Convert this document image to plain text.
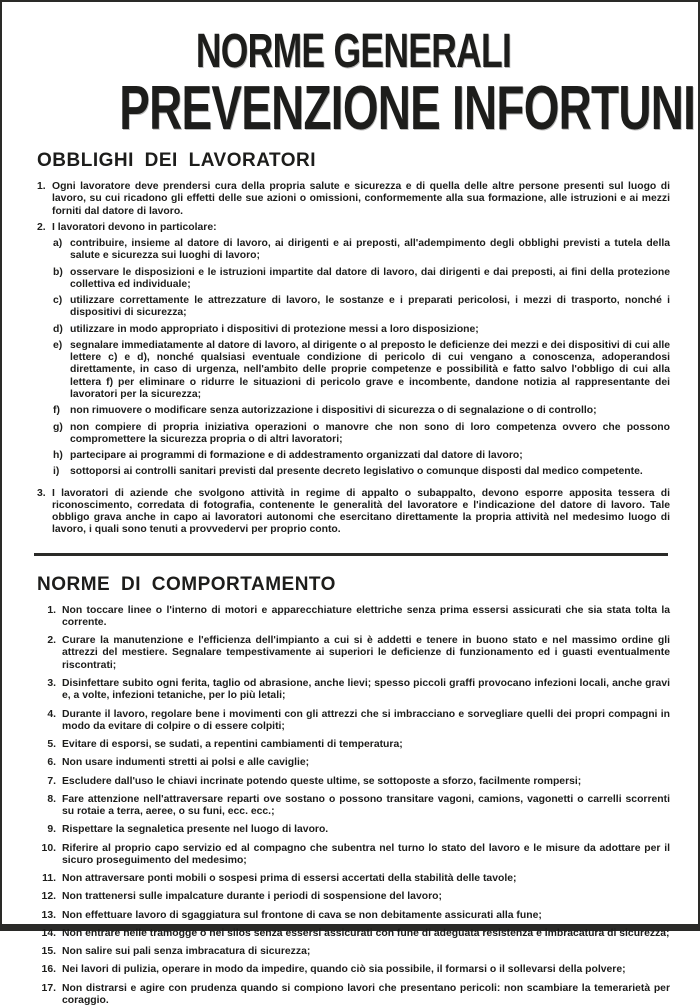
NORME GENERALI
PREVENZIONE INFORTUNI
OBBLIGHI DEI LAVORATORI
1. Ogni lavoratore deve prendersi cura della propria salute e sicurezza e di quella delle altre persone presenti sul luogo di lavoro, su cui ricadono gli effetti delle sue azioni o omissioni, conformemente alla sua formazione, alle istruzioni e ai mezzi forniti dal datore di lavoro.
2. I lavoratori devono in particolare:
a) contribuire, insieme al datore di lavoro, ai dirigenti e ai preposti, all'adempimento degli obblighi previsti a tutela della salute e sicurezza sui luoghi di lavoro;
b) osservare le disposizioni e le istruzioni impartite dal datore di lavoro, dai dirigenti e dai preposti, ai fini della protezione collettiva ed individuale;
c) utilizzare correttamente le attrezzature di lavoro, le sostanze e i preparati pericolosi, i mezzi di trasporto, nonché i dispositivi di sicurezza;
d) utilizzare in modo appropriato i dispositivi di protezione messi a loro disposizione;
e) segnalare immediatamente al datore di lavoro, al dirigente o al preposto le deficienze dei mezzi e dei dispositivi di cui alle lettere c) e d), nonché qualsiasi eventuale condizione di pericolo di cui vengano a conoscenza, adoperandosi direttamente, in caso di urgenza, nell'ambito delle proprie competenze e possibilità e fatto salvo l'obbligo di cui alla lettera f) per eliminare o ridurre le situazioni di pericolo grave e incombente, dandone notizia al rappresentante dei lavoratori per la sicurezza;
f) non rimuovere o modificare senza autorizzazione i dispositivi di sicurezza o di segnalazione o di controllo;
g) non compiere di propria iniziativa operazioni o manovre che non sono di loro competenza ovvero che possono compromettere la sicurezza propria o di altri lavoratori;
h) partecipare ai programmi di formazione e di addestramento organizzati dal datore di lavoro;
i)	sottoporsi ai controlli sanitari previsti dal presente decreto legislativo o comunque disposti dal medico competente.
3. I lavoratori di aziende che svolgono attività in regime di appalto o subappalto, devono esporre apposita tessera di riconoscimento, corredata di fotografia, contenente le generalità del lavoratore e l'indicazione del datore di lavoro. Tale obbligo grava anche in capo ai lavoratori autonomi che esercitano direttamente la propria attività nel medesimo luogo di lavoro, i quali sono tenuti a provvedervi per proprio conto.
NORME DI COMPORTAMENTO
1. Non toccare linee o l'interno di motori e apparecchiature elettriche senza prima essersi assicurati che sia stata tolta la corrente.
2. Curare la manutenzione e l'efficienza dell'impianto a cui si è addetti e tenere in buono stato e nel massimo ordine gli attrezzi del mestiere. Segnalare tempestivamente ai superiori le deficienze di funzionamento ed i guasti eventualmente riscontrati;
3. Disinfettare subito ogni ferita, taglio od abrasione, anche lievi; spesso piccoli graffi provocano infezioni locali, anche gravi e, a volte, infezioni tetaniche, per lo più letali;
4. Durante il lavoro, regolare bene i movimenti con gli attrezzi che si imbracciano e sorvegliare quelli dei propri compagni in modo da evitare di colpire o di essere colpiti;
5. Evitare di esporsi, se sudati, a repentini cambiamenti di temperatura;
6. Non usare indumenti stretti ai polsi e alle caviglie;
7. Escludere dall'uso le chiavi incrinate potendo queste ultime, se sottoposte a sforzo, facilmente rompersi;
8. Fare attenzione nell'attraversare reparti ove sostano o possono transitare vagoni, camions, vagonetti o carrelli scorrenti su rotaie a terra, aeree, o su funi, ecc. ecc.;
9. Rispettare la segnaletica presente nel luogo di lavoro.
10. Riferire al proprio capo servizio ed al compagno che subentra nel turno lo stato del lavoro e le misure da adottare per il sicuro proseguimento del medesimo;
11. Non attraversare ponti mobili o sospesi prima di essersi accertati della stabilità delle tavole;
12. Non trattenersi sulle impalcature durante i periodi di sospensione del lavoro;
13. Non effettuare lavoro di sgaggiatura sul frontone di cava se non debitamente assicurati alla fune;
14. Non entrare nelle tramogge o nei silos senza essersi assicurati con fune di adeguata resistenza e imbracatura di sicurezza;
15. Non salire sui pali senza imbracatura di sicurezza;
16. Nei lavori di pulizia, operare in modo da impedire, quando ciò sia possibile, il formarsi o il sollevarsi della polvere;
17. Non distrarsi e agire con prudenza quando si compiono lavori che presentano pericoli: non scambiare la temerarietà per coraggio.
